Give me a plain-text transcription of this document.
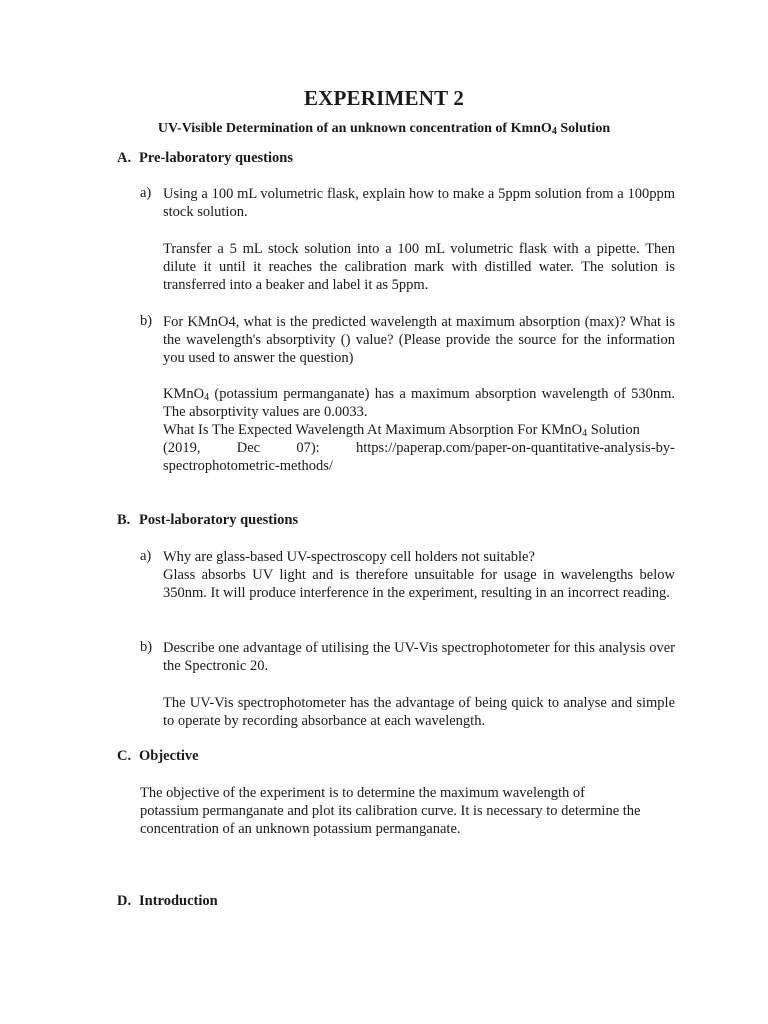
EXPERIMENT 2
UV-Visible Determination of an unknown concentration of KmnO$_4$ Solution
A. Pre-laboratory questions
a) Using a 100 mL volumetric flask, explain how to make a 5ppm solution from a 100ppm stock solution.
Transfer a 5 mL stock solution into a 100 mL volumetric flask with a pipette. Then dilute it until it reaches the calibration mark with distilled water. The solution is transferred into a beaker and label it as 5ppm.
b) For KMnO4, what is the predicted wavelength at maximum absorption (max)? What is the wavelength's absorptivity () value? (Please provide the source for the information you used to answer the question)
KMnO$_4$ (potassium permanganate) has a maximum absorption wavelength of 530nm. The absorptivity values are 0.0033.
What Is The Expected Wavelength At Maximum Absorption For KMnO$_4$ Solution
(2019,	Dec	07):	https://paperap.com/paper-on-quantitative-analysis-by-
spectrophotometric-methods/
B. Post-laboratory questions
a) Why are glass-based UV-spectroscopy cell holders not suitable?
Glass absorbs UV light and is therefore unsuitable for usage in wavelengths below 350nm. It will produce interference in the experiment, resulting in an incorrect reading.
b) Describe one advantage of utilising the UV-Vis spectrophotometer for this analysis over the Spectronic 20.
The UV-Vis spectrophotometer has the advantage of being quick to analyse and simple to operate by recording absorbance at each wavelength.
C. Objective
The objective of the experiment is to determine the maximum wavelength of
potassium permanganate and plot its calibration curve. It is necessary to determine the
concentration of an unknown potassium permanganate.
D. Introduction
